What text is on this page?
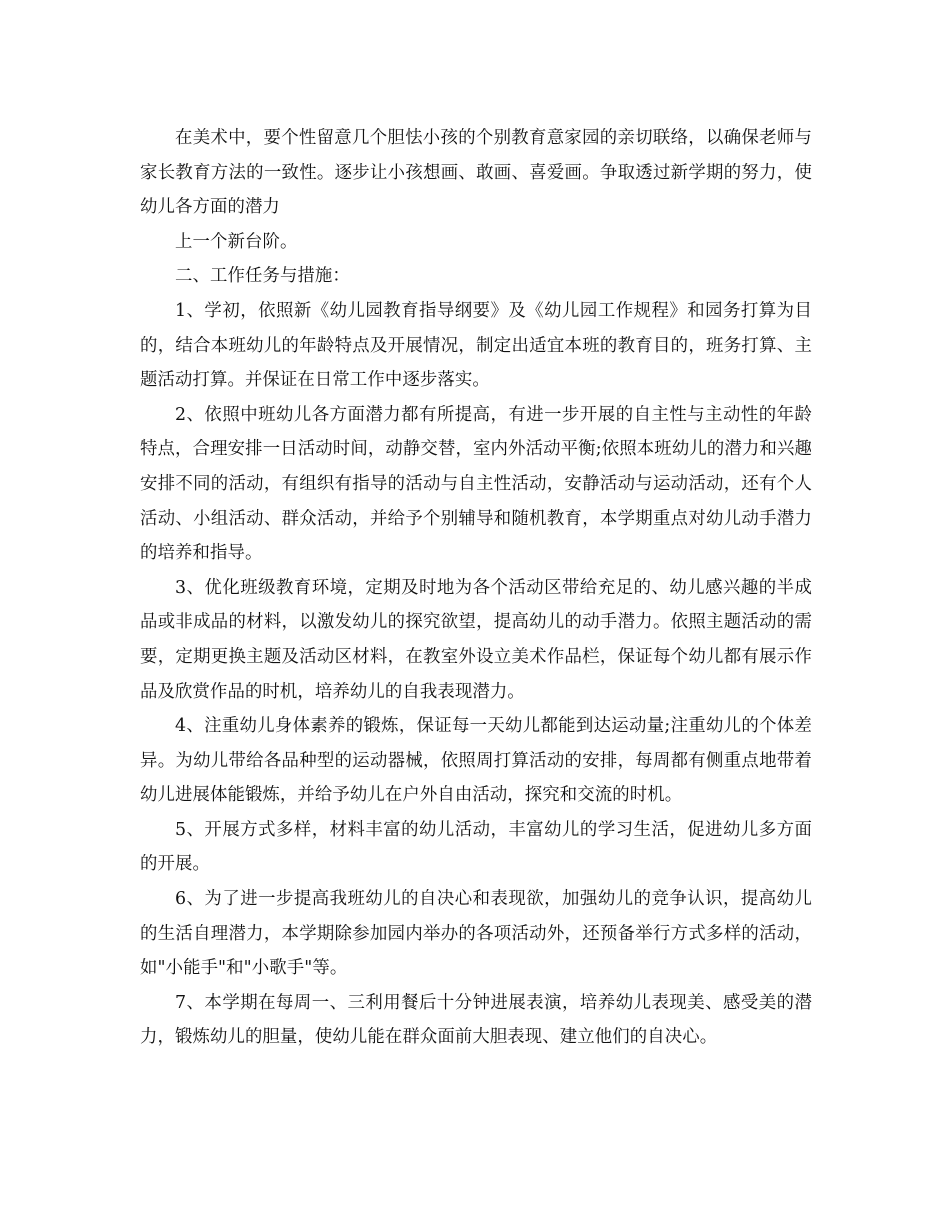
在美术中，要个性留意几个胆怯小孩的个别教育意家园的亲切联络，以确保老师与家长教育方法的一致性。逐步让小孩想画、敢画、喜爱画。争取透过新学期的努力，使幼儿各方面的潜力

上一个新台阶。

二、工作任务与措施：

1、学初，依照新《幼儿园教育指导纲要》及《幼儿园工作规程》和园务打算为目的，结合本班幼儿的年龄特点及开展情况，制定出适宜本班的教育目的，班务打算、主题活动打算。并保证在日常工作中逐步落实。

2、依照中班幼儿各方面潜力都有所提高，有进一步开展的自主性与主动性的年龄特点，合理安排一日活动时间，动静交替，室内外活动平衡;依照本班幼儿的潜力和兴趣安排不同的活动，有组织有指导的活动与自主性活动，安静活动与运动活动，还有个人活动、小组活动、群众活动，并给予个别辅导和随机教育，本学期重点对幼儿动手潜力的培养和指导。

3、优化班级教育环境，定期及时地为各个活动区带给充足的、幼儿感兴趣的半成品或非成品的材料，以激发幼儿的探究欲望，提高幼儿的动手潜力。依照主题活动的需要，定期更换主题及活动区材料，在教室外设立美术作品栏，保证每个幼儿都有展示作品及欣赏作品的时机，培养幼儿的自我表现潜力。

4、注重幼儿身体素养的锻炼，保证每一天幼儿都能到达运动量;注重幼儿的个体差异。为幼儿带给各品种型的运动器械，依照周打算活动的安排，每周都有侧重点地带着幼儿进展体能锻炼，并给予幼儿在户外自由活动，探究和交流的时机。

5、开展方式多样，材料丰富的幼儿活动，丰富幼儿的学习生活，促进幼儿多方面的开展。

6、为了进一步提高我班幼儿的自决心和表现欲，加强幼儿的竞争认识，提高幼儿的生活自理潜力，本学期除参加园内举办的各项活动外，还预备举行方式多样的活动，如"小能手"和"小歌手"等。

7、本学期在每周一、三利用餐后十分钟进展表演，培养幼儿表现美、感受美的潜力，锻炼幼儿的胆量，使幼儿能在群众面前大胆表现、建立他们的自决心。
